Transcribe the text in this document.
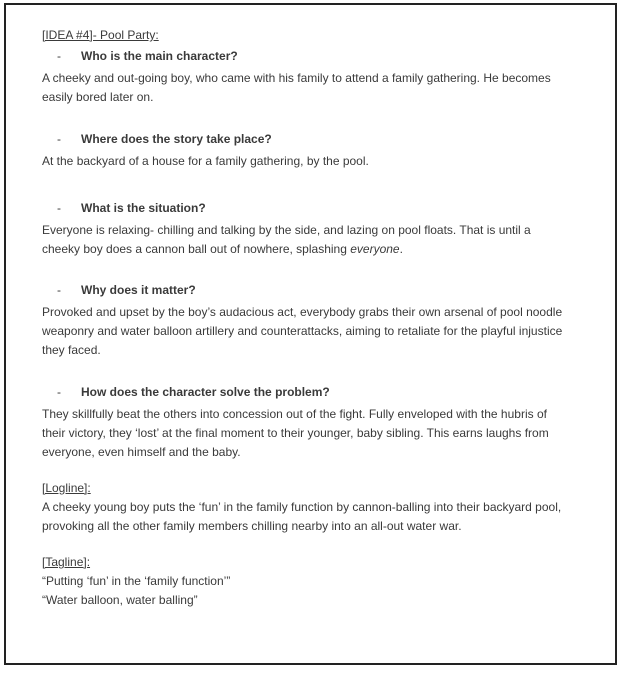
[IDEA #4]- Pool Party:

- Who is the main character?

A cheeky and out-going boy, who came with his family to attend a family gathering. He becomes easily bored later on.

- Where does the story take place?

At the backyard of a house for a family gathering, by the pool.

- What is the situation?

Everyone is relaxing- chilling and talking by the side, and lazing on pool floats. That is until a cheeky boy does a cannon ball out of nowhere, splashing everyone.

- Why does it matter?

Provoked and upset by the boy’s audacious act, everybody grabs their own arsenal of pool noodle weaponry and water balloon artillery and counterattacks, aiming to retaliate for the playful injustice they faced.

- How does the character solve the problem?

They skillfully beat the others into concession out of the fight. Fully enveloped with the hubris of their victory, they ‘lost’ at the final moment to their younger, baby sibling. This earns laughs from everyone, even himself and the baby.

[Logline]:

A cheeky young boy puts the ‘fun’ in the family function by cannon-balling into their backyard pool, provoking all the other family members chilling nearby into an all-out water war.

[Tagline]:

“Putting ‘fun’ in the ‘family function’”

“Water balloon, water balling”
